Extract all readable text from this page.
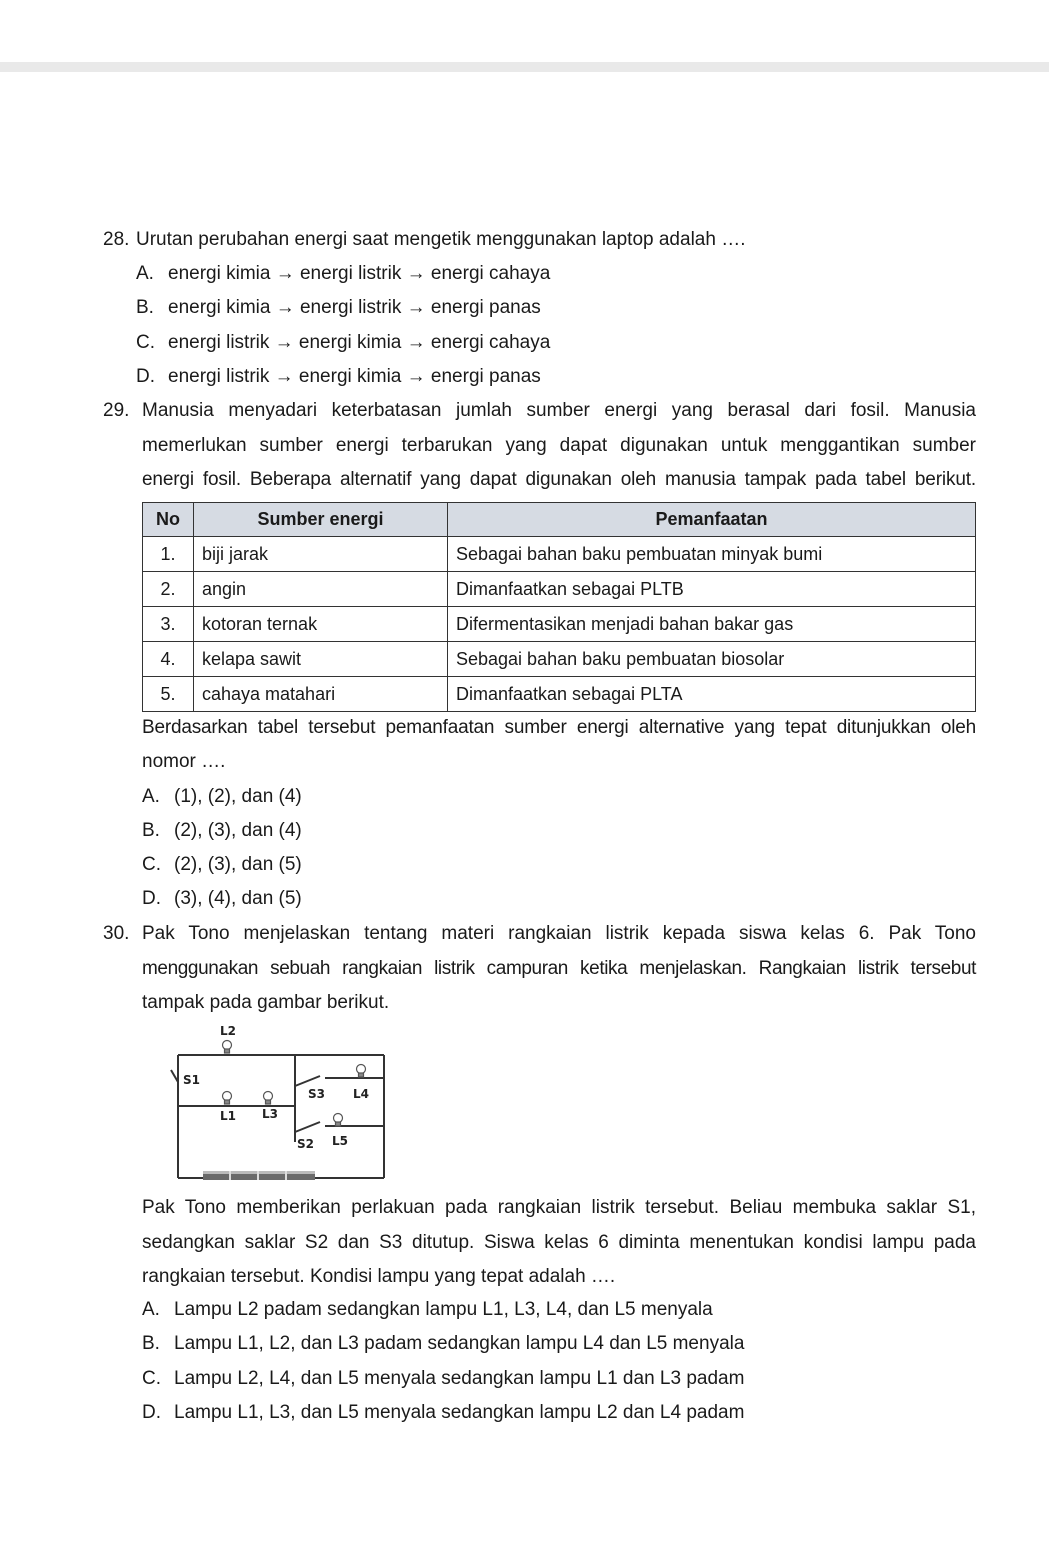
28. Urutan perubahan energi saat mengetik menggunakan laptop adalah ….
A. energi kimia → energi listrik → energi cahaya
B. energi kimia → energi listrik → energi panas
C. energi listrik → energi kimia → energi cahaya
D. energi listrik → energi kimia → energi panas
29. Manusia menyadari keterbatasan jumlah sumber energi yang berasal dari fosil. Manusia
memerlukan sumber energi terbarukan yang dapat digunakan untuk menggantikan sumber
energi fosil. Beberapa alternatif yang dapat digunakan oleh manusia tampak pada tabel berikut.
No	Sumber energi	Pemanfaatan
1.	biji jarak	Sebagai bahan baku pembuatan minyak bumi
2.	angin	Dimanfaatkan sebagai PLTB
3.	kotoran ternak	Difermentasikan menjadi bahan bakar gas
4.	kelapa sawit	Sebagai bahan baku pembuatan biosolar
5.	cahaya matahari	Dimanfaatkan sebagai PLTA
Berdasarkan tabel tersebut pemanfaatan sumber energi alternative yang tepat ditunjukkan oleh
nomor ….
A. (1), (2), dan (4)
B. (2), (3), dan (4)
C. (2), (3), dan (5)
D. (3), (4), dan (5)
30. Pak Tono menjelaskan tentang materi rangkaian listrik kepada siswa kelas 6. Pak Tono
menggunakan sebuah rangkaian listrik campuran ketika menjelaskan. Rangkaian listrik tersebut
tampak pada gambar berikut.
L2
S1
L1 L3
S3 L4
S2 L5
Pak Tono memberikan perlakuan pada rangkaian listrik tersebut. Beliau membuka saklar S1,
sedangkan saklar S2 dan S3 ditutup. Siswa kelas 6 diminta menentukan kondisi lampu pada
rangkaian tersebut. Kondisi lampu yang tepat adalah ….
A. Lampu L2 padam sedangkan lampu L1, L3, L4, dan L5 menyala
B. Lampu L1, L2, dan L3 padam sedangkan lampu L4 dan L5 menyala
C. Lampu L2, L4, dan L5 menyala sedangkan lampu L1 dan L3 padam
D. Lampu L1, L3, dan L5 menyala sedangkan lampu L2 dan L4 padam
